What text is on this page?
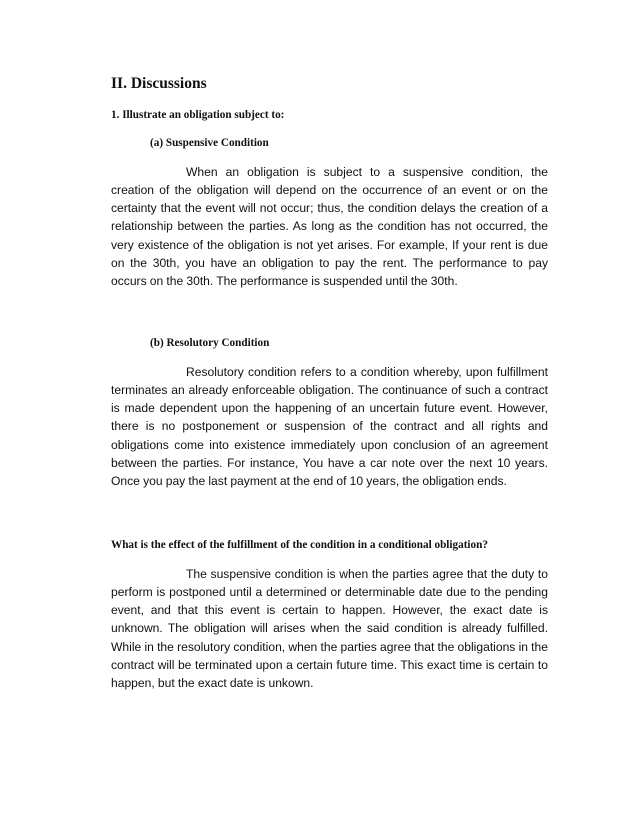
II. Discussions
1. Illustrate an obligation subject to:
(a) Suspensive Condition

When an obligation is subject to a suspensive condition, the creation of the obligation will depend on the occurrence of an event or on the certainty that the event will not occur; thus, the condition delays the creation of a relationship between the parties. As long as the condition has not occurred, the very existence of the obligation is not yet arises. For example, If your rent is due on the 30th, you have an obligation to pay the rent. The performance to pay occurs on the 30th. The performance is suspended until the 30th.

(b) Resolutory Condition

Resolutory condition refers to a condition whereby, upon fulfillment terminates an already enforceable obligation. The continuance of such a contract is made dependent upon the happening of an uncertain future event. However, there is no postponement or suspension of the contract and all rights and obligations come into existence immediately upon conclusion of an agreement between the parties. For instance, You have a car note over the next 10 years. Once you pay the last payment at the end of 10 years, the obligation ends.

What is the effect of the fulfillment of the condition in a conditional obligation?

The suspensive condition is when the parties agree that the duty to perform is postponed until a determined or determinable date due to the pending event, and that this event is certain to happen. However, the exact date is unknown. The obligation will arises when the said condition is already fulfilled. While in the resolutory condition, when the parties agree that the obligations in the contract will be terminated upon a certain future time. This exact time is certain to happen, but the exact date is unkown.
